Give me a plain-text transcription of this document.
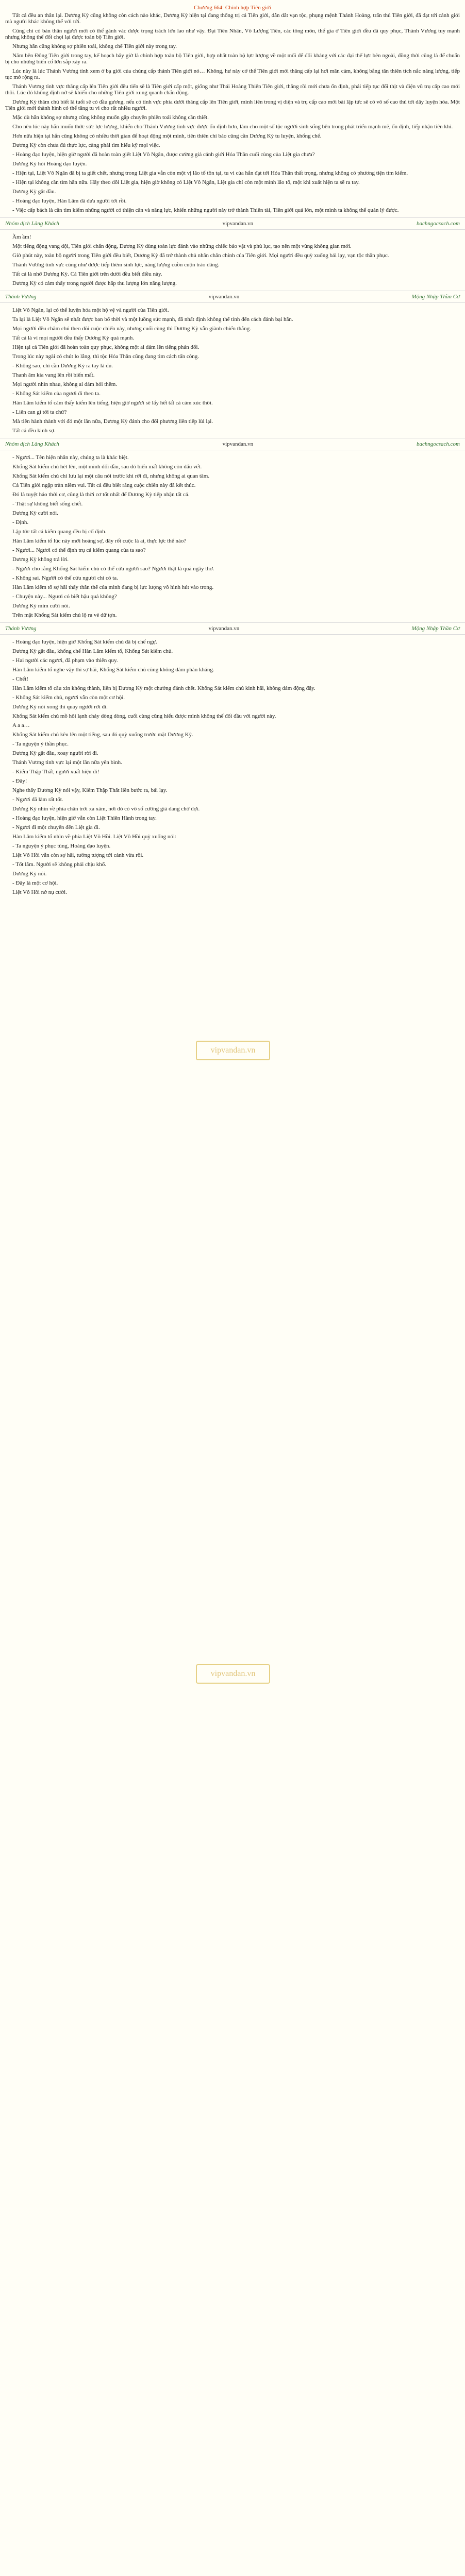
vipvandan.vn
vipvandan.vn
Chương 664: Chính hợp Tiên giới

Tất cả đều an thân lại. Dương Kỳ cũng không còn cách nào khác, Dương Kỳ hiện tại đang thống trị cả Tiên giới, dẫn dắt vạn tộc, phụng mệnh Thánh Hoàng, trấn thủ Tiên giới, đã đạt tới cảnh giới mà người khác không thể với tới.

Cũng chỉ có bản thân ngươi mới có thể gánh vác được trọng trách lớn lao như vậy. Đại Tiên Nhân, Vô Lượng Tiên, các tông môn, thế gia ở Tiên giới đều đã quy phục, Thánh Vương tuy mạnh nhưng không thể đối chọi lại được toàn bộ Tiên giới.

Nhưng hắn cũng không sợ phiền toái, không chế Tiên giới này trong tay.

Năm bên Đông Tiên giới trong tay, kế hoạch bây giờ là chỉnh hợp toàn bộ Tiên giới, hợp nhất toàn bộ lực lượng về một mối để đối kháng với các đại thế lực bên ngoài, đồng thời cũng là để chuẩn bị cho những biến cố lớn sắp xảy ra.

Lúc này là lúc Thánh Vương tính xem ở bạ giới của chúng cấp thánh Tiên giới nó… Không, hư này cớ thể Tiên giới mới thăng cấp lại hơi mãn cảm, không bằng tân thiên tích nắc năng lượng, tiếp tục mở rộng ra.

Thánh Vương tinh vực thăng cấp lên Tiên giới đều tiến sẽ là Tiên giới cấp một, giống như Thái Hoàng Thiên Tiên giới, thăng rồi mới chưa ổn định, phải tiếp tục đổi thịt và điện vũ trụ cấp cao mới thôi. Lúc đó không định nở sẽ khiến cho những Tiên giới xung quanh chấn động.

Dương Kỳ thăm chú biết là tuổi sẽ có đầu gương, nếu có tính vực phía dưới thăng cấp lên Tiên giới, mình liên trong vị diện và trụ cấp cao mới bài lập tức sẽ có vô số cao thủ tới dây luyện hóa. Một Tiên giới mới thành hình có thể tăng tu vi cho rất nhiều người.

Mặc dù hắn không sợ nhưng cũng không muốn gặp chuyện phiền toái không cần thiết.

Cho nên lúc này hắn muốn thức sức lực lượng, khiến cho Thánh Vương tinh vực được ổn định hơn, làm cho một số tộc người sinh sống bên trong phát triển mạnh mẽ, ổn định, tiếp nhận tiên khí.

Hơn nữa hiện tại hắn cũng không có nhiều thời gian để hoạt động một mình, tiên thiên chí bảo cũng cần Dương Kỳ tu luyện, khống chế.

Dương Kỳ còn chưa đủ thực lực, càng phải tìm hiểu kỹ mọi việc.

- Hoàng đạo luyện, hiện giờ người đã hoàn toàn giết Liệt Vô Ngân, được cường giả cảnh giới Hóa Thần cuối cùng của Liệt gia chưa?

Dương Kỳ hỏi Hoàng đạo luyện.

- Hiện tại, Liệt Vô Ngân đã bị ta giết chết, nhưng trong Liệt gia vẫn còn một vị lão tổ tồn tại, tu vi của hắn đạt tới Hóa Thần thất trọng, nhưng không có phương tiện tìm kiếm.

- Hiện tại không cần tìm hắn nữa. Hãy theo dõi Liệt gia, hiện giờ không có Liệt Vô Ngân, Liệt gia chỉ còn một mình lão tổ, một khi xuất hiện ta sẽ ra tay.

Dương Kỳ gật đầu.

- Hoàng đạo luyện, Hàn Lâm đã đưa người tới rồi.

- Việc cấp bách là cần tìm kiếm những người có thiện căn và năng lực, khiến những người này trở thành Thiên tài, Tiên giới quá lớn, một mình ta không thể quản lý được.

Nhóm dịch Lăng Khách	vipvandan.vn	bachngocsach.com

Ầm ầm!

Một tiếng động vang dội, Tiên giới chấn động, Dương Kỳ dùng toàn lực đánh vào những chiếc bảo vật và phù lục, tạo nên một vùng không gian mới.

Giờ phút này, toàn bộ người trong Tiên giới đều biết, Dương Kỳ đã trở thành chủ nhân chân chính của Tiên giới. Mọi người đều quỳ xuống bái lạy, vạn tộc thần phục.

Thánh Vương tinh vực cũng như được tiếp thêm sinh lực, năng lượng cuồn cuộn trào dâng.

Tất cả là nhờ Dương Kỳ. Cả Tiên giới trên dưới đều biết điều này.

Dương Kỳ có cảm thấy trong người được hấp thu lượng lớn năng lượng.

Thánh Vương	vipvandan.vn	Mộng Nhập Thần Cơ

Liệt Vô Ngân, lại có thể luyện hóa một hộ vệ và người của Tiên giới.

Ta lại là Liệt Vô Ngân sẽ nhất được ban bố thời và một luồng sức mạnh, đã nhất định không thể tính đến cách đánh bại hắn.

Mọi người đều chăm chú theo dõi cuộc chiến này, nhưng cuối cùng thì Dương Kỳ vẫn giành chiến thắng.

Tất cả là vì mọi người đều thấy Dương Kỳ quá mạnh.

Hiện tại cả Tiên giới đã hoàn toàn quy phục, không một ai dám lên tiếng phản đối.

Trong lúc này ngài có chút lo lắng, thì tộc Hóa Thần cũng đang tìm cách tấn công.

- Không sao, chỉ cần Dương Kỳ ra tay là đủ.

Thanh âm kia vang lên rồi biến mất.

Mọi người nhìn nhau, không ai dám hỏi thêm.

- Khổng Sát kiếm của ngươi đi theo ta.

Hàn Lâm kiếm tổ cảm thấy kiếm lên tiếng, hiện giờ ngươi sẽ lấy hết tất cả cảm xúc thôi.

- Liên can gì tới ta chứ?

Mà tiên hành thành với đó một lần nữa, Dương Kỳ đánh cho đối phương liên tiếp lùi lại.

Tất cả đều kinh sợ.

Nhóm dịch Lăng Khách	vipvandan.vn	bachngocsach.com

- Ngươi... Tên hiện nhân này, chúng ta là khác biệt.

Khổng Sát kiếm chủ hét lên, một mình đối đầu, sau đó biến mất không còn dấu vết.

Khổng Sát kiếm chủ chỉ lưu lại một câu nói trước khi rời đi, nhưng không ai quan tâm.

Cả Tiên giới ngập tràn niềm vui. Tất cả đều biết rằng cuộc chiến này đã kết thúc.

Đó là tuyệt hảo thời cơ, cũng là thời cơ tốt nhất để Dương Kỳ tiếp nhận tất cả.

- Thật sự không biết sống chết.

Dương Kỳ cười nói.

- Định.

Lập tức tất cả kiếm quang đều bị cố định.

Hàn Lâm kiếm tổ lúc này mới hoảng sợ, đây rốt cuộc là ai, thực lực thế nào?

- Ngươi... Ngươi có thể định trụ cả kiếm quang của ta sao?

Dương Kỳ không trả lời.

- Ngươi cho rằng Khổng Sát kiếm chủ có thể cứu ngươi sao? Ngươi thật là quá ngây thơ.

- Không sai. Người có thể cứu ngươi chỉ có ta.

Hàn Lâm kiếm tổ sợ hãi thấy thân thể của mình đang bị lực lượng vô hình hút vào trong.

- Chuyện này... Ngươi có biết hậu quả không?

Dương Kỳ mỉm cười nói.

Trên mặt Khổng Sát kiếm chủ lộ ra vẻ dữ tợn.

Thánh Vương	vipvandan.vn	Mộng Nhập Thần Cơ

- Hoàng đạo luyện, hiện giờ Khổng Sát kiếm chủ đã bị chế ngự.

Dương Kỳ gật đầu, khống chế Hàn Lâm kiếm tổ, Khổng Sát kiếm chủ.

- Hai người các ngươi, đã phạm vào thiên quy.

Hàn Lâm kiếm tổ nghe vậy thì sợ hãi, Khổng Sát kiếm chủ cũng không dám phản kháng.

- Chết!

Hàn Lâm kiếm tổ cầu xin không thành, liền bị Dương Kỳ một chưởng đánh chết. Khổng Sát kiếm chủ kinh hãi, không dám động đậy.

- Khổng Sát kiếm chủ, ngươi vẫn còn một cơ hội.

Dương Kỳ nói xong thì quay người rời đi.

Khổng Sát kiếm chủ mồ hôi lạnh chảy dòng dòng, cuối cùng cũng hiểu được mình không thể đối đầu với người này.

A a a…

Khổng Sát kiếm chủ kêu lên một tiếng, sau đó quỳ xuống trước mặt Dương Kỳ.

- Ta nguyện ý thần phục.

Dương Kỳ gật đầu, xoay người rời đi.

Thánh Vương tinh vực lại một lần nữa yên bình.

- Kiếm Thập Thất, ngươi xuất hiện đi!

- Đây!

Nghe thấy Dương Kỳ nói vậy, Kiếm Thập Thất liền bước ra, bái lạy.

- Ngươi đã làm rất tốt.

Dương Kỳ nhìn về phía chân trời xa xăm, nơi đó có vô số cường giả đang chờ đợi.

- Hoàng đạo luyện, hiện giờ vẫn còn Liệt Thiên Hành trong tay.

- Ngươi đi một chuyến đến Liệt gia đi.

Hàn Lâm kiếm tổ nhìn về phía Liệt Vô Hồi. Liệt Vô Hồi quỳ xuống nói:

- Ta nguyện ý phục tùng, Hoàng đạo luyện.

Liệt Vô Hồi vẫn còn sợ hãi, tưởng tượng tới cảnh vừa rồi.

- Tốt lắm. Người sẽ không phải chịu khổ.

Dương Kỳ nói.

- Đây là một cơ hội.

Liệt Vô Hồi nở nụ cười.
